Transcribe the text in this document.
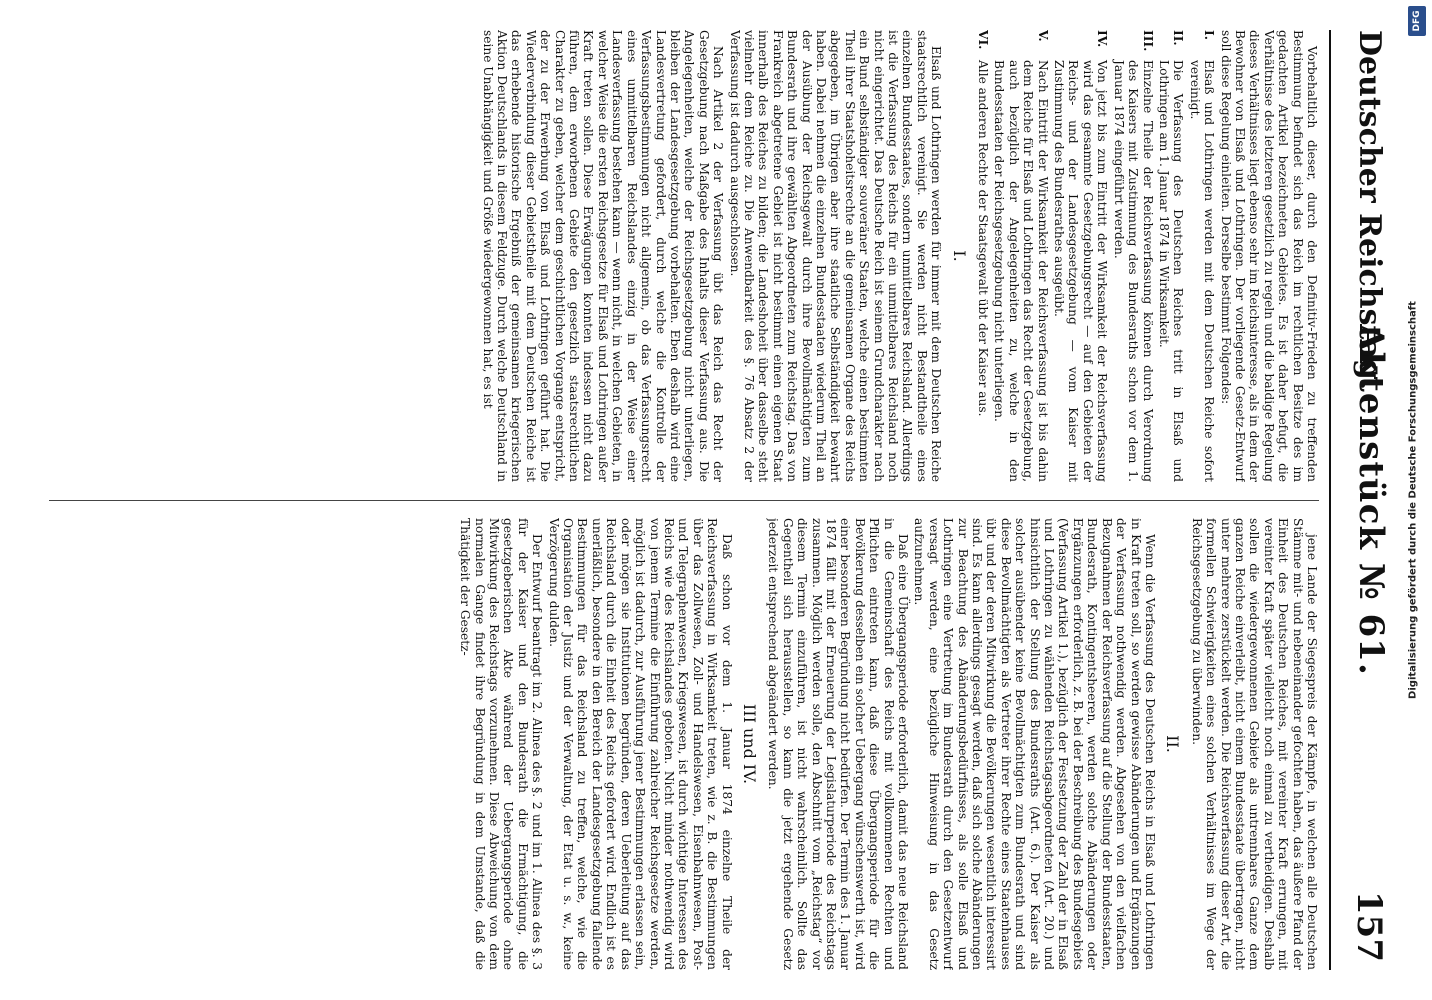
Deutscher Reichstag.
Aktenstück № 61.
157

Vorbehaltlich dieser, durch den Definitiv-Frieden zu treffenden Bestimmung befindet sich das Reich im rechtlichen Besitze des im gedachten Artikel bezeichneten Gebietes. Es ist daher befugt, die Verhältnisse des letzteren gesetzlich zu regeln und die baldige Regelung dieses Verhältnisses liegt ebenso sehr im Reichsinteresse, als in dem der Bewohner von Elsaß und Lothringen. Der vorliegende Gesetz-Entwurf soll diese Regelung einleiten. Derselbe bestimmt Folgendes:

I.Elsaß und Lothringen werden mit dem Deutschen Reiche sofort vereinigt.
II.Die Verfassung des Deutschen Reiches tritt in Elsaß und Lothringen am 1. Januar 1874 in Wirksamkeit.
III.Einzelne Theile der Reichsverfassung können durch Verordnung des Kaisers mit Zustimmung des Bundesraths schon vor dem 1. Januar 1874 eingeführt werden.
IV.Von jetzt bis zum Eintritt der Wirksamkeit der Reichsverfassung wird das gesammte Gesetzgebungsrecht — auf den Gebieten der Reichs- und der Landesgesetzgebung — vom Kaiser mit Zustimmung des Bundesrathes ausgeübt.
V.Nach Eintritt der Wirksamkeit der Reichsverfassung ist bis dahin dem Reiche für Elsaß und Lothringen das Recht der Gesetzgebung, auch bezüglich der Angelegenheiten zu, welche in den Bundesstaaten der Reichsgesetzgebung nicht unterliegen.
VI.Alle anderen Rechte der Staatsgewalt übt der Kaiser aus.
I.

Elsaß und Lothringen werden für immer mit dem Deutschen Reiche staatsrechtlich vereinigt. Sie werden nicht Bestandtheile eines einzelnen Bundesstaates, sondern unmittelbares Reichsland. Allerdings ist die Verfassung des Reichs für ein unmittelbares Reichsland noch nicht eingerichtet. Das Deutsche Reich ist seinem Grundcharakter nach ein Bund selbständiger souveräner Staaten, welche einen bestimmten Theil ihrer Staatshoheitsrechte an die gemeinsamen Organe des Reichs abgegeben, im Übrigen aber ihre staatliche Selbständigkeit bewahrt haben. Dabei nehmen die einzelnen Bundesstaaten wiederum Theil an der Ausübung der Reichsgewalt durch ihre Bevollmächtigten zum Bundesrath und ihre gewählten Abgeordneten zum Reichstag. Das von Frankreich abgetretene Gebiet ist nicht bestimmt einen eigenen Staat innerhalb des Reiches zu bilden; die Landeshoheit über dasselbe steht vielmehr dem Reiche zu. Die Anwendbarkeit des §. 76 Absatz 2 der Verfassung ist dadurch ausgeschlossen.

Nach Artikel 2 der Verfassung übt das Reich das Recht der Gesetzgebung nach Maßgabe des Inhalts dieser Verfassung aus. Die Angelegenheiten, welche der Reichsgesetzgebung nicht unterliegen, bleiben der Landesgesetzgebung vorbehalten. Eben deshalb wird eine Landesvertretung gefordert, durch welche die Kontrolle der Verfassungsbestimmungen nicht allgemein, ob das Verfassungsrecht eines unmittelbaren Reichslandes einzig in der Weise einer Landesverfassung bestehen kann — wenn nicht, in welchen Gebieten, in welcher Weise die ersten Reichsgesetze für Elsaß und Lothringen außer Kraft treten sollen. Diese Erwägungen konnten indessen nicht dazu führen, dem erworbenen Gebiete den gesetzlich staatsrechtlichen Charakter zu geben, welcher dem geschichtlichen Vorgange entspricht, der zu der Erwerbung von Elsaß und Lothringen geführt hat. Die Wiederverbindung dieser Gebietstheile mit dem Deutschen Reiche ist das erhebende historische Ergebniß der gemeinsamen kriegerischen Aktion Deutschlands in diesem Feldzuge. Durch welche Deutschland in seine Unabhängigkeit und Größe wiedergewonnen hat, es ist

jene Lande der Siegespreis der Kämpfe, in welchen alle Deutschen Stämme mit- und nebeneinander gefochten haben, das äußere Pfand der Einheit des Deutschen Reiches, mit vereinter Kraft errungen, mit vereinter Kraft später vielleicht noch einmal zu vertheidigen. Deshalb sollen die wiedergewonnenen Gebiete als untrennbares Ganze dem ganzen Reiche einverleibt, nicht einem Bundesstaate übertragen, nicht unter mehrere zerstückelt werden. Die Reichsverfassung dieser Art, die formellen Schwierigkeiten eines solchen Verhältnisses im Wege der Reichsgesetzgebung zu überwinden.

II.

Wenn die Verfassung des Deutschen Reichs in Elsaß und Lothringen in Kraft treten soll, so werden gewisse Abänderungen und Ergänzungen der Verfassung nothwendig werden. Abgesehen von den vielfachen Bezugnahmen der Reichsverfassung auf die Stellung der Bundesstaaten, Bundesrath, Kontingentsheeren, werden solche Abänderungen oder Ergänzungen erforderlich, z. B. bei der Beschreibung des Bundesgebiets (Verfassung Artikel 1.), bezüglich der Festsetzung der Zahl der in Elsaß und Lothringen zu wählenden Reichstagsabgeordneten (Art. 20.) und hinsichtlich der Stellung des Bundesraths (Art. 6.). Der Kaiser als solcher ausübender keine Bevollmächtigten zum Bundesrath und sind diese Bevollmächtigten als Vertreter ihrer Rechte eines Staatenhauses übt und der deren Mitwirkung die Bevölkerungen wesentlich interessirt sind. Es kann allerdings gesagt werden, daß sich solche Abänderungen zur Beachtung des Abänderungsbedürfnisses, als solle Elsaß und Lothringen eine Vertretung im Bundesrath durch den Gesetzentwurf versagt werden, eine bezügliche Hinweisung in das Gesetz aufzunehmen.

Daß eine Übergangsperiode erforderlich, damit das neue Reichsland in die Gemeinschaft des Reichs mit vollkommenen Rechten und Pflichten eintreten kann, daß diese Übergangsperiode für die Bevölkerung desselben ein solcher Uebergang wünschenswerth ist, wird einer besonderen Begründung nicht bedürfen. Der Termin des 1. Januar 1874 fällt mit der Erneuerung der Legislaturperiode des Reichstags zusammen. Möglich werden solle, den Abschnitt vom „Reichstag“ vor diesem Termin einzuführen, ist nicht wahrscheinlich. Sollte das Gegentheil sich herausstellen, so kann die jetzt ergehende Gesetz jederzeit entsprechend abgeändert werden.

III und IV.

Daß schon vor dem 1. Januar 1874 einzelne Theile der Reichsverfassung in Wirksamkeit treten, wie z. B. die Bestimmungen über das Zollwesen, Zoll- und Handelswesen, Eisenbahnwesen, Post- und Telegraphenwesen, Kriegswesen, ist durch wichtige Interessen des Reichs wie des Reichslandes geboten. Nicht minder nothwendig wird von jenem Termine die Einführung zahlreicher Reichsgesetze werden, möglich ist dadurch, zur Ausführung jener Bestimmungen erlassen sein, oder mögen sie Institutionen begründen, deren Ueberleitung auf das Reichsland durch die Einheit des Reichs gefordert wird. Endlich ist es unerläßlich, besondere in den Bereich der Landesgesetzgebung fallende Bestimmungen für das Reichsland zu treffen, welche, wie die Organisation der Justiz und der Verwaltung, der Etat u. s. w., keine Verzögerung dulden.

Der Entwurf beantragt im 2. Alinea des §. 2 und im 1. Alinea des §. 3 für der Kaiser und den Bundesrath die Ermächtigung, die gesetzgeberischen Akte während der Uebergangsperiode ohne Mitwirkung des Reichstags vorzunehmen. Diese Abweichung von dem normalen Gange findet ihre Begründung in dem Umstande, daß die Thätigkeit der Gesetz-	Digitalisierung gefördert durch die Deutsche Forschungsgemeinschaft
DFG
